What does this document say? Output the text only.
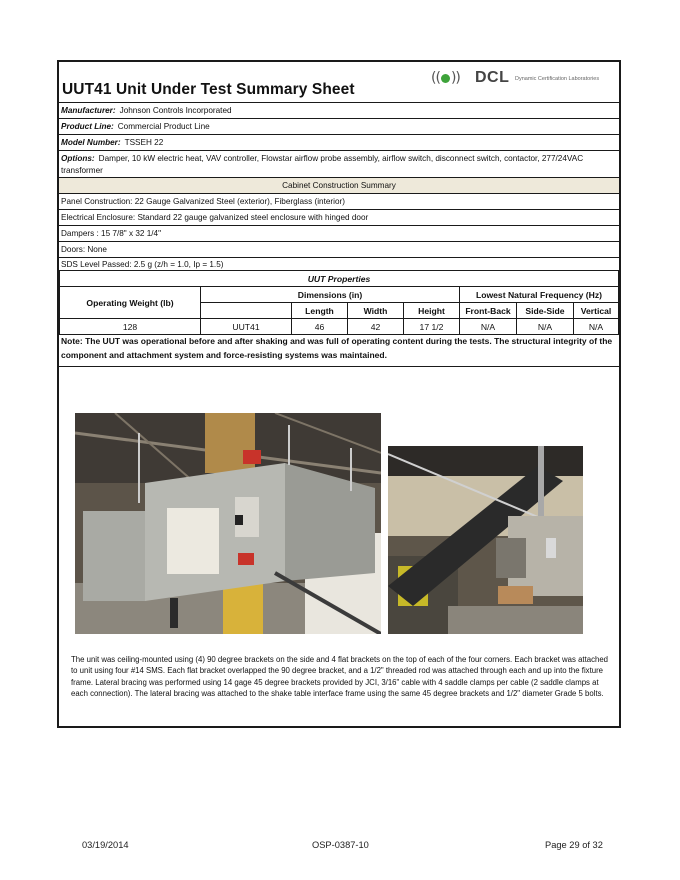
UUT41 Unit Under Test Summary Sheet
(( )) DCL Dynamic Certification Laboratories
Manufacturer: Johnson Controls Incorporated
Product Line: Commercial Product Line
Model Number: TSSEH 22
Options: Damper, 10 kW electric heat, VAV controller, Flowstar airflow probe assembly, airflow switch, disconnect switch, contactor, 277/24VAC transformer
Cabinet Construction Summary
Panel Construction: 22 Gauge Galvanized Steel (exterior), Fiberglass (interior)
Electrical Enclosure: Standard 22 gauge galvanized steel enclosure with hinged door
Dampers : 15 7/8" x 32 1/4"
Doors: None
SDS Level Passed: 2.5 g (z/h = 1.0, Ip = 1.5)
UUT Properties							
Operating Weight (lb)	Dimensions (in)				Lowest Natural Frequency (Hz)		
		Length	Width	Height	Front-Back	Side-Side	Vertical
128	UUT41	46	42	17 1/2	N/A	N/A	N/A
Note: The UUT was operational before and after shaking and was full of operating content during the tests. The structural integrity of the component and attachment system and force-resisting systems was maintained.
The unit was ceiling-mounted using (4) 90 degree brackets on the side and 4 flat brackets on the top of each of the four corners. Each bracket was attached to unit using four #14 SMS. Each flat bracket overlapped the 90 degree bracket, and a 1/2" threaded rod was attached through each and up into the fixture frame. Lateral bracing was performed using 14 gage 45 degree brackets provided by JCI, 3/16" cable with 4 saddle clamps per cable (2 saddle clamps at each connection). The lateral bracing was attached to the shake table interface frame using the same 45 degree brackets and 1/2" diameter Grade 5 bolts.
03/19/2014	OSP-0387-10	Page 29 of 32
